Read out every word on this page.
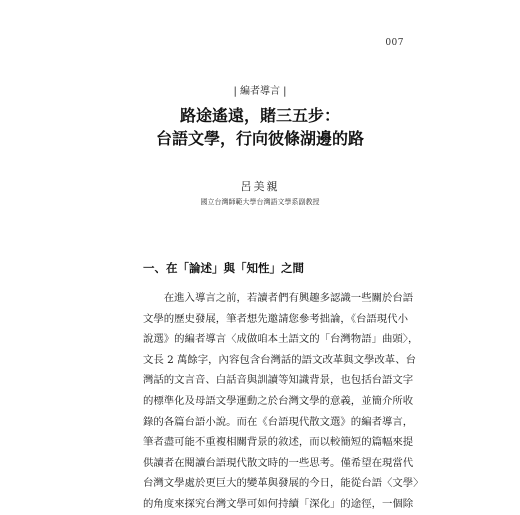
007
| 編者導言 |
路途遙遠，賭三五步：
台語文學，行向彼條湖邊的路
呂美親
國立台灣師範大學台灣語文學系副教授
一、在「論述」與「知性」之間
　　在進入導言之前，若讀者們有興趣多認識一些關於台語
文學的歷史發展，筆者想先邀請您參考拙論，《台語現代小
說選》的編者導言〈成做咱本土語文的「台灣物語」曲頭〉，
文長 2 萬餘字，內容包含台灣話的語文改革與文學改革、台
灣話的文言音、白話音與訓讀等知識背景，也包括台語文字
的標準化及母語文學運動之於台灣文學的意義，並簡介所收
錄的各篇台語小說。而在《台語現代散文選》的編者導言，
筆者盡可能不重複相關背景的敘述，而以較簡短的篇幅來提
供讀者在閱讀台語現代散文時的一些思考。僅希望在現當代
台灣文學處於更巨大的變革與發展的今日，能從台語〈文學〉
的角度來探究台灣文學可如何持續「深化」的途徑，一個除
